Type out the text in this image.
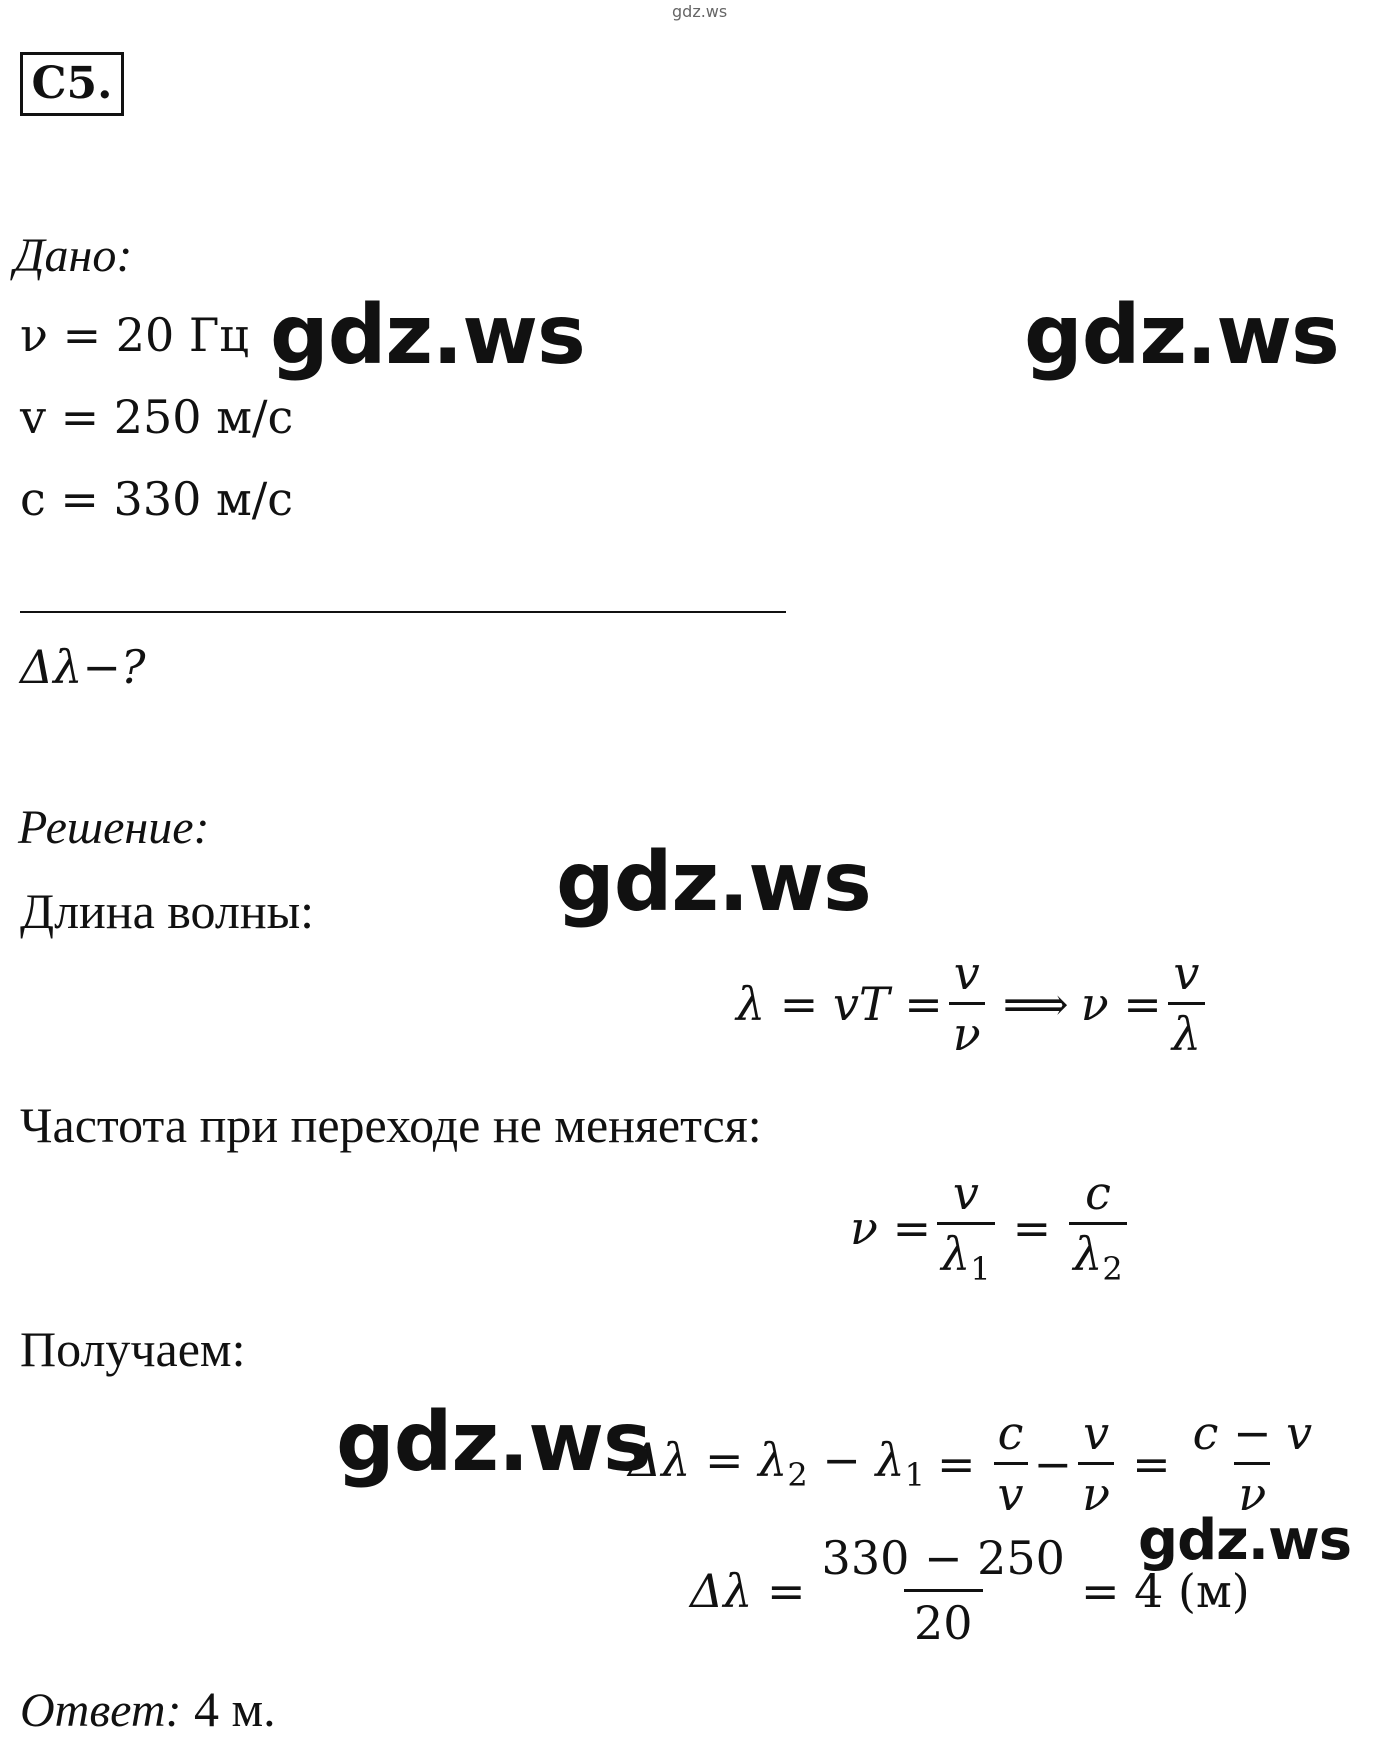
gdz.ws
С5.
Дано:
ν = 20 Гц
v = 250 м/с
c = 330 м/с
Δλ−?
Решение:
Длина волны:
λ = vT = $\frac{v}{\nu}$ ⟹ $\nu = \frac{v}{\lambda}$
Частота при переходе не меняется:
$\nu = \frac{v}{\lambda_1} = \frac{c}{\lambda_2}$
Получаем:
$\Delta\lambda = \lambda_2 - \lambda_1 = \frac{c}{v} - \frac{v}{\nu} = \frac{c - v}{\nu}$
$\Delta\lambda = \frac{330 - 250}{20} = 4$ (м)
Ответ: 4 м.
gdz.ws	gdz.ws
gdz.ws
gdz.ws
gdz.ws
